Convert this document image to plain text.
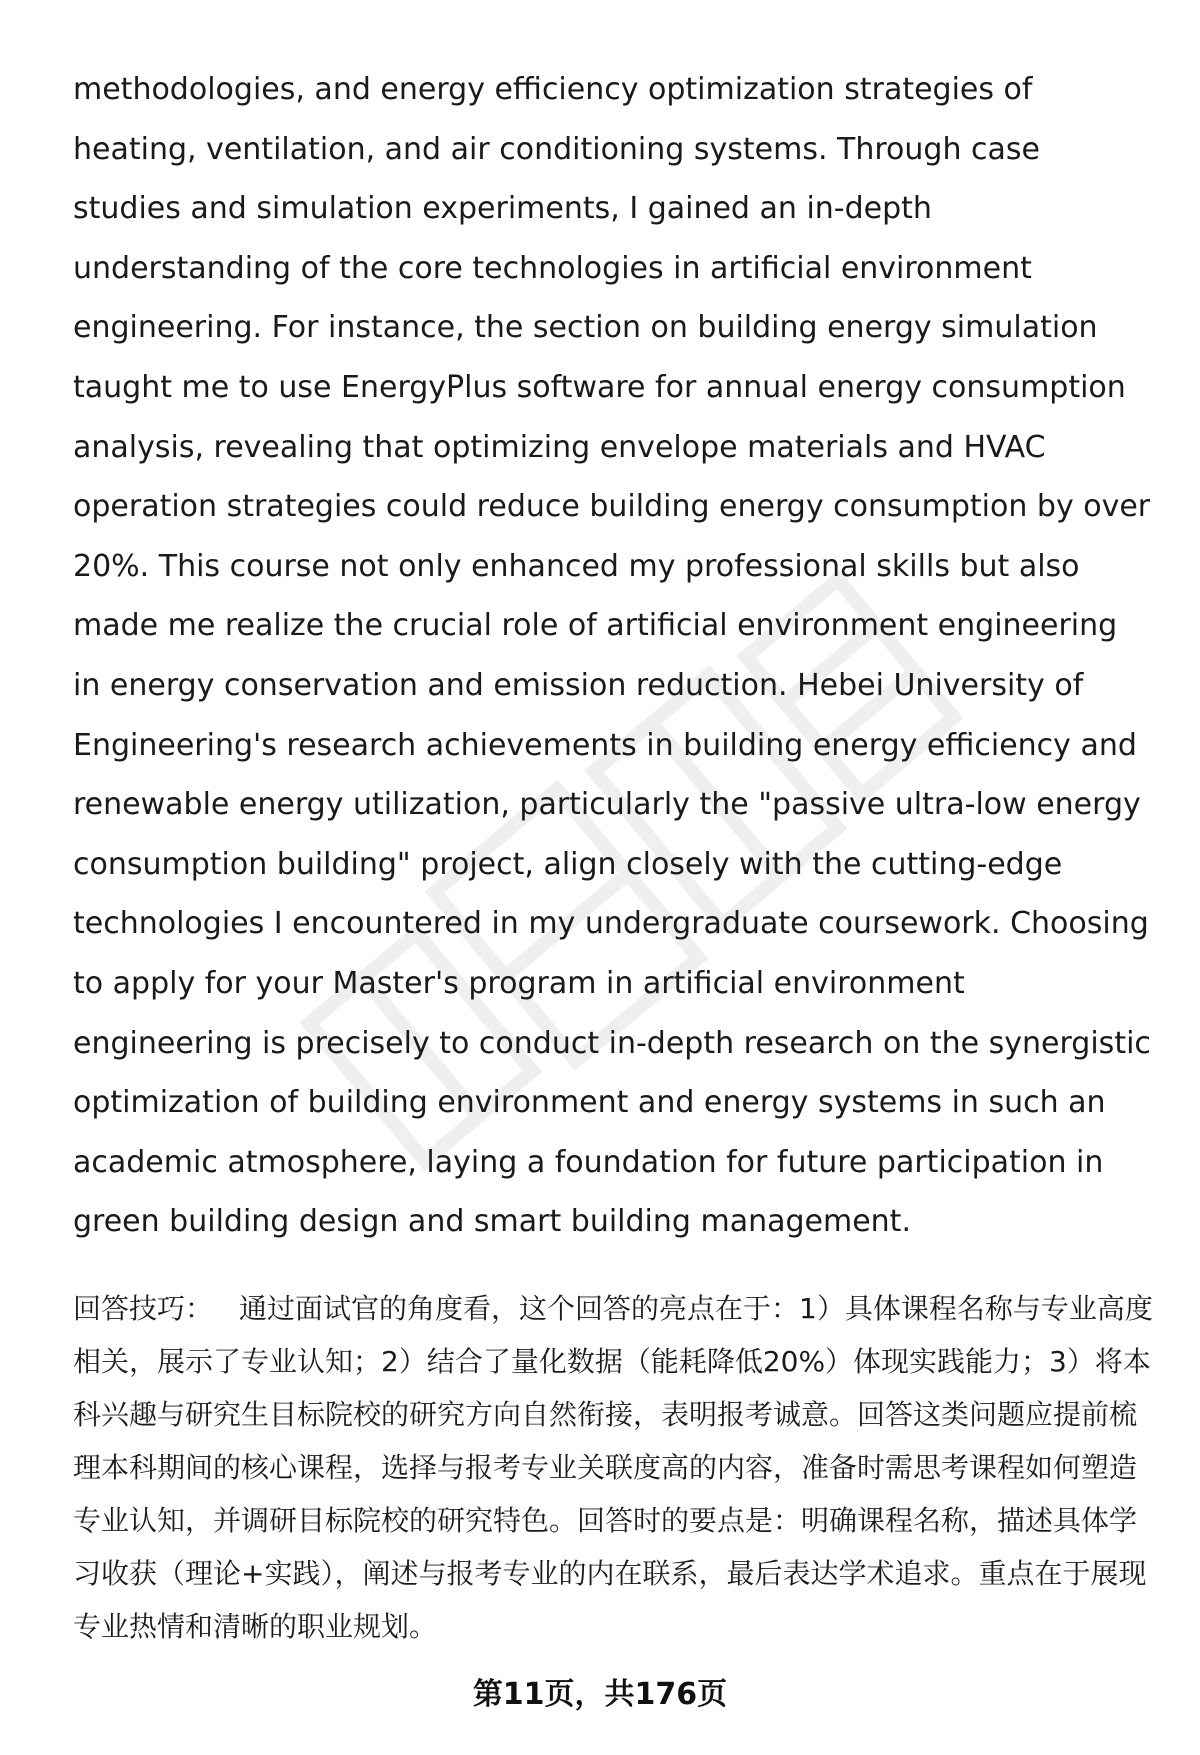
methodologies, and energy efficiency optimization strategies of heating, ventilation, and air conditioning systems. Through case studies and simulation experiments, I gained an in-depth understanding of the core technologies in artificial environment engineering. For instance, the section on building energy simulation taught me to use EnergyPlus software for annual energy consumption analysis, revealing that optimizing envelope materials and HVAC operation strategies could reduce building energy consumption by over 20%. This course not only enhanced my professional skills but also made me realize the crucial role of artificial environment engineering in energy conservation and emission reduction. Hebei University of Engineering's research achievements in building energy efficiency and renewable energy utilization, particularly the "passive ultra-low energy consumption building" project, align closely with the cutting-edge technologies I encountered in my undergraduate coursework. Choosing to apply for your Master's program in artificial environment engineering is precisely to conduct in-depth research on the synergistic optimization of building environment and energy systems in such an academic atmosphere, laying a foundation for future participation in green building design and smart building management.

回答技巧： 通过面试官的角度看，这个回答的亮点在于：1）具体课程名称与专业高度相关，展示了专业认知；2）结合了量化数据（能耗降低20%）体现实践能力；3）将本科兴趣与研究生目标院校的研究方向自然衔接，表明报考诚意。回答这类问题应提前梳理本科期间的核心课程，选择与报考专业关联度高的内容，准备时需思考课程如何塑造专业认知，并调研目标院校的研究特色。回答时的要点是：明确课程名称，描述具体学习收获（理论+实践），阐述与报考专业的内在联系，最后表达学术追求。重点在于展现专业热情和清晰的职业规划。
第11页，共176页
